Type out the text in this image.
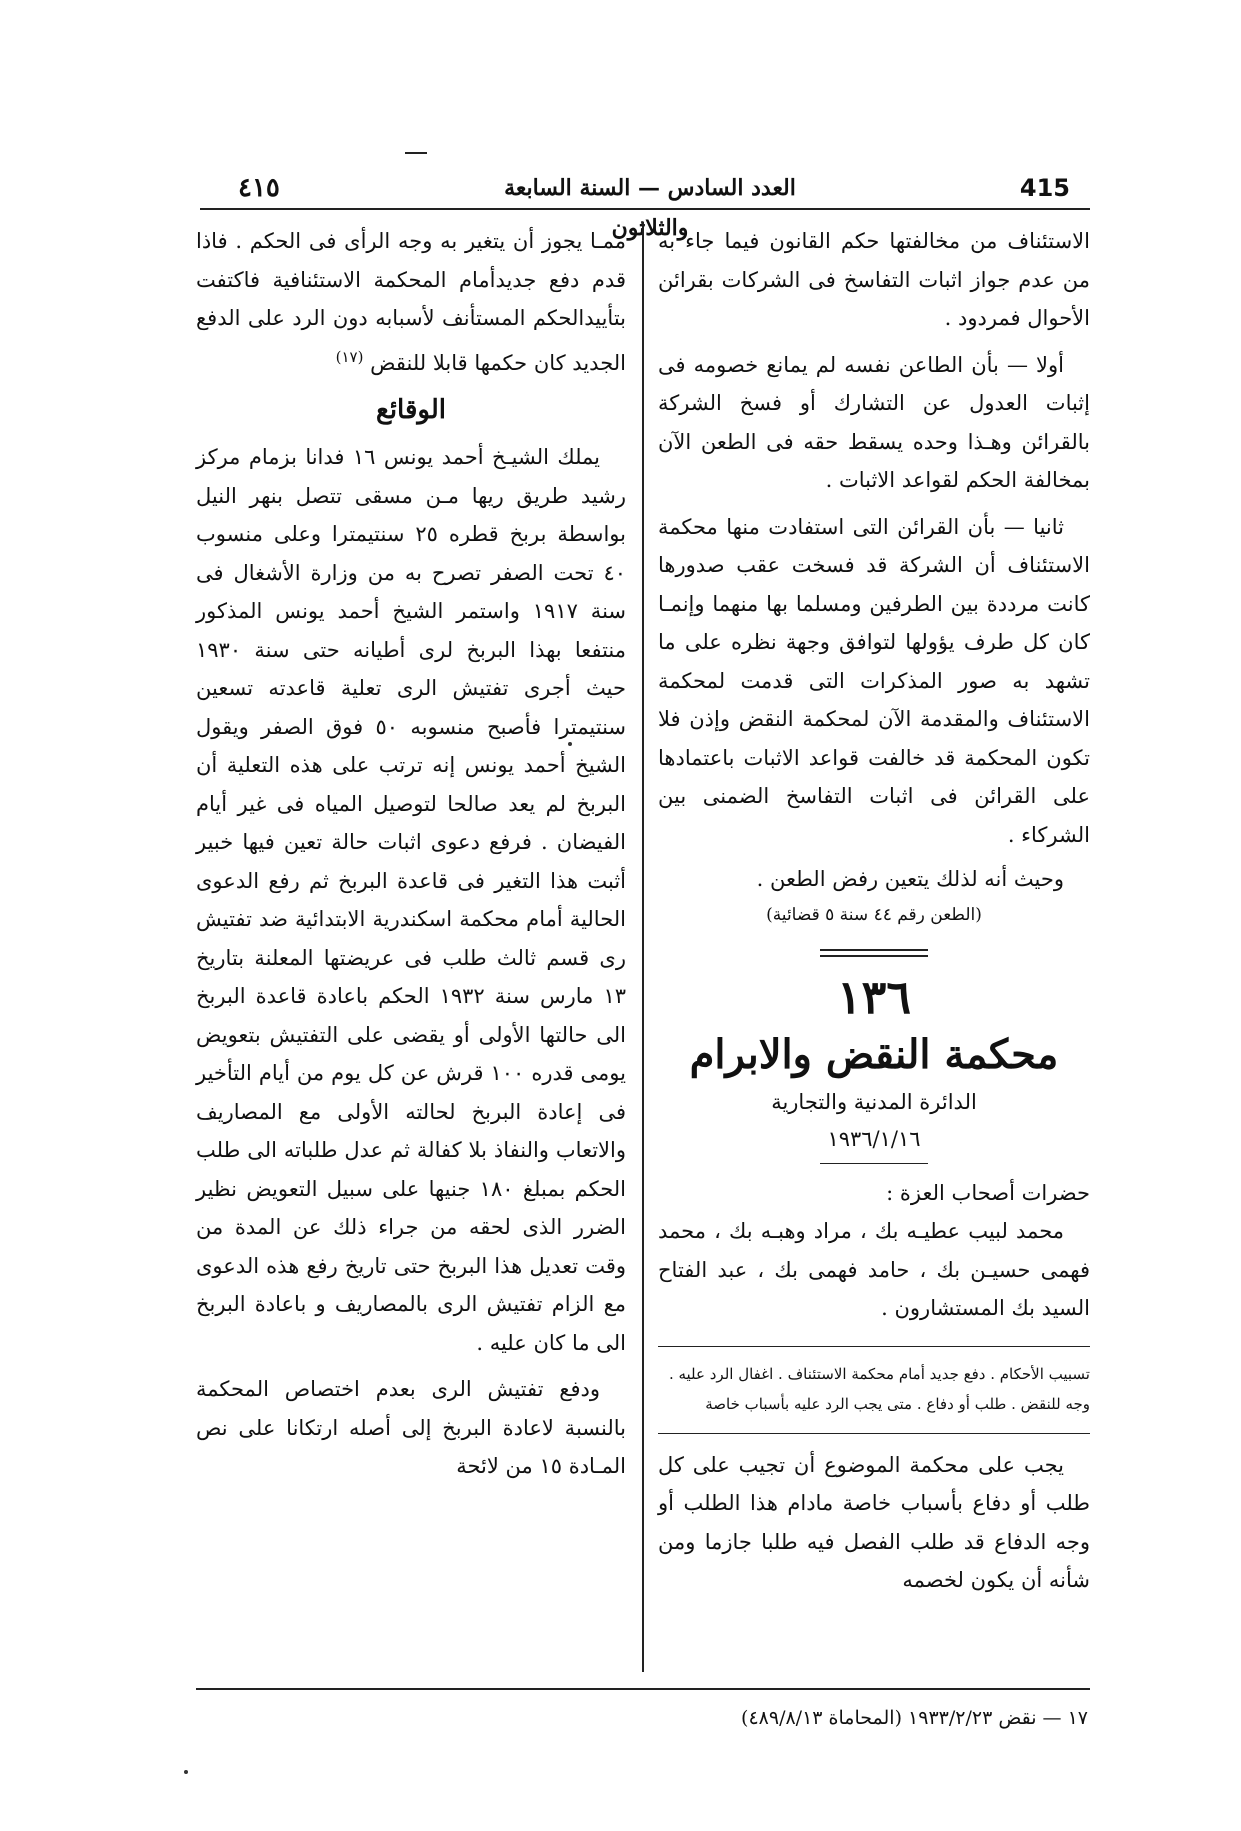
٤١٥	العدد السادس — السنة السابعة والثلاثون
415

الاستئناف من مخالفتها حكم القانون فيما جاء به من عدم جواز اثبات التفاسخ فى الشركات بقرائن الأحوال فمردود .

أولا — بأن الطاعن نفسه لم يمانع خصومه فى إثبات العدول عن التشارك أو فسخ الشركة بالقرائن وهـذا وحده يسقط حقه فى الطعن الآن بمخالفة الحكم لقواعد الاثبات .

ثانيا — بأن القرائن التى استفادت منها محكمة الاستئناف أن الشركة قد فسخت عقب صدورها كانت مرددة بين الطرفين ومسلما بها منهما وإنمـا كان كل طرف يؤولها لتوافق وجهة نظره على ما تشهد به صور المذكرات التى قدمت لمحكمة الاستئناف والمقدمة الآن لمحكمة النقض وإذن فلا تكون المحكمة قد خالفت قواعد الاثبات باعتمادها على القرائن فى اثبات التفاسخ الضمنى بين الشركاء .

وحيث أنه لذلك يتعين رفض الطعن .

(الطعن رقم ٤٤ سنة ٥ قضائية)

١٣٦
محكمة النقض والابرام
الدائرة المدنية والتجارية
١٩٣٦/١/١٦

حضرات أصحاب العزة :

محمد لبيب عطيـه بك ، مراد وهبـه بك ، محمد فهمى حسيـن بك ، حامد فهمى بك ، عبد الفتاح السيد بك المستشارون .

تسبيب الأحكام . دفع جديد أمام محكمة الاستئناف . اغفال الرد عليه .

وجه للنقض . طلب أو دفاع . متى يجب الرد عليه بأسباب خاصة

يجب على محكمة الموضوع أن تجيب على كل طلب أو دفاع بأسباب خاصة مادام هذا الطلب أو وجه الدفاع قد طلب الفصل فيه طلبا جازما ومن شأنه أن يكون لخصمه

ممـا يجوز أن يتغير به وجه الرأى فى الحكم . فاذا قدم دفع جديدأمام المحكمة الاستئنافية فاكتفت بتأييدالحكم المستأنف لأسبابه دون الرد على الدفع الجديد كان حكمها قابلا للنقض $^{(١٧)}$

الوقائع

يملك الشيـخ أحمد يونس ١٦ فدانا بزمام مركز رشيد طريق ريها مـن مسقى تتصل بنهر النيل بواسطة بربخ قطره ٢٥ سنتيمترا وعلى منسوب ٤٠ تحت الصفر تصرح به من وزارة الأشغال فى سنة ١٩١٧ واستمر الشيخ أحمد يونس المذكور منتفعا بهذا البربخ لرى أطيانه حتى سنة ١٩٣٠ حيث أجرى تفتيش الرى تعلية قاعدته تسعين سنتيمترا فأصبح منسوبه ٥٠ فوق الصفر ويقول الشيخ أحمد يونس إنه ترتب على هذه التعلية أن البربخ لم يعد صالحا لتوصيل المياه فى غير أيام الفيضان . فرفع دعوى اثبات حالة تعين فيها خبير أثبت هذا التغير فى قاعدة البربخ ثم رفع الدعوى الحالية أمام محكمة اسكندرية الابتدائية ضد تفتيش رى قسم ثالث طلب فى عريضتها المعلنة بتاريخ ١٣ مارس سنة ١٩٣٢ الحكم باعادة قاعدة البربخ الى حالتها الأولى أو يقضى على التفتيش بتعويض يومى قدره ١٠٠ قرش عن كل يوم من أيام التأخير فى إعادة البربخ لحالته الأولى مع المصاريف والاتعاب والنفاذ بلا كفالة ثم عدل طلباته الى طلب الحكم بمبلغ ١٨٠ جنيها على سبيل التعويض نظير الضرر الذى لحقه من جراء ذلك عن المدة من وقت تعديل هذا البربخ حتى تاريخ رفع هذه الدعوى مع الزام تفتيش الرى بالمصاريف و باعادة البربخ الى ما كان عليه .

ودفع تفتيش الرى بعدم اختصاص المحكمة بالنسبة لاعادة البربخ إلى أصله ارتكانا على نص المـادة ١٥ من لائحة

١٧ — نقض ١٩٣٣/٢/٢٣ (المحاماة ٤٨٩/٨/١٣)
